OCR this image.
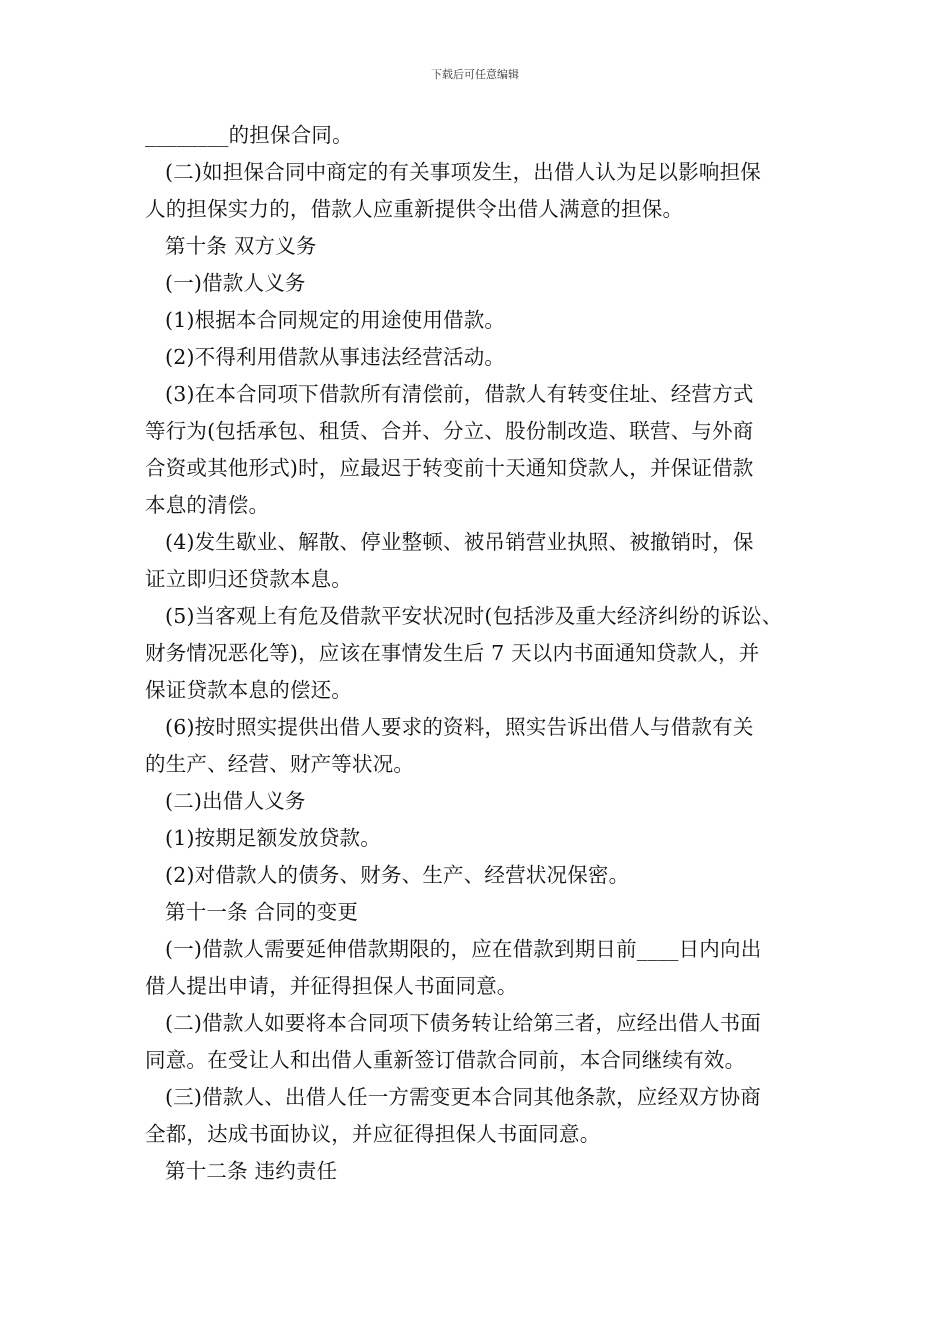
下载后可任意编辑
________的担保合同。
(二)如担保合同中商定的有关事项发生，出借人认为足以影响担保
人的担保实力的，借款人应重新提供令出借人满意的担保。
第十条 双方义务
(一)借款人义务
(1)根据本合同规定的用途使用借款。
(2)不得利用借款从事违法经营活动。
(3)在本合同项下借款所有清偿前，借款人有转变住址、经营方式
等行为(包括承包、租赁、合并、分立、股份制改造、联营、与外商
合资或其他形式)时，应最迟于转变前十天通知贷款人，并保证借款
本息的清偿。
(4)发生歇业、解散、停业整顿、被吊销营业执照、被撤销时，保
证立即归还贷款本息。
(5)当客观上有危及借款平安状况时(包括涉及重大经济纠纷的诉讼、
财务情况恶化等)，应该在事情发生后 7 天以内书面通知贷款人，并
保证贷款本息的偿还。
(6)按时照实提供出借人要求的资料，照实告诉出借人与借款有关
的生产、经营、财产等状况。
(二)出借人义务
(1)按期足额发放贷款。
(2)对借款人的债务、财务、生产、经营状况保密。
第十一条 合同的变更
(一)借款人需要延伸借款期限的，应在借款到期日前____日内向出
借人提出申请，并征得担保人书面同意。
(二)借款人如要将本合同项下债务转让给第三者，应经出借人书面
同意。在受让人和出借人重新签订借款合同前，本合同继续有效。
(三)借款人、出借人任一方需变更本合同其他条款，应经双方协商
全都，达成书面协议，并应征得担保人书面同意。
第十二条 违约责任
